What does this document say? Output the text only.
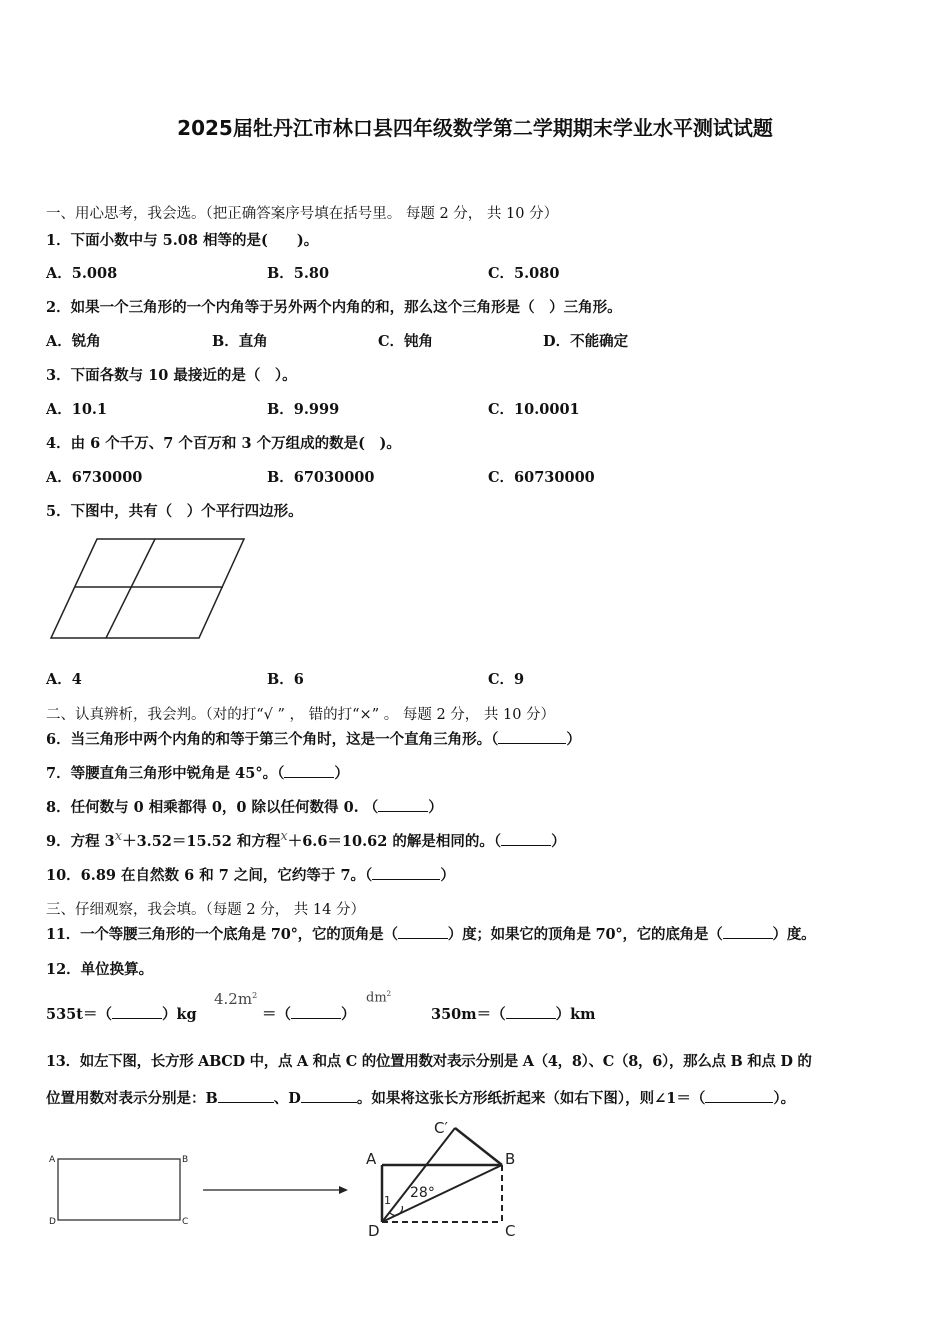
2025届牡丹江市林口县四年级数学第二学期期末学业水平测试试题
一、用心思考，我会选。（把正确答案序号填在括号里。 每题 2 分， 共 10 分）
1．下面小数中与 5.08 相等的是(　　)。
A．5.008	B．5.80	C．5.080
2．如果一个三角形的一个内角等于另外两个内角的和，那么这个三角形是（　）三角形。
A．锐角	B．直角	C．钝角	D．不能确定
3．下面各数与 10 最接近的是（　）。
A．10.1	B．9.999	C．10.0001
4．由 6 个千万、7 个百万和 3 个万组成的数是(　)。
A．6730000	B．67030000	C．60730000
5．下图中，共有（　）个平行四边形。
A．4	B．6	C．9
二、认真辨析，我会判。（对的打“√ ” ， 错的打“×” 。 每题 2 分， 共 10 分）
6．当三角形中两个内角的和等于第三个角时，这是一个直角三角形。（	）
7．等腰直角三角形中锐角是 45°。（	）
8．任何数与 0 相乘都得 0，0 除以任何数得 0. （	）
9．方程 3x＋3.52＝15.52 和方程x＋6.6＝10.62 的解是相同的。（	）
10．6.89 在自然数 6 和 7 之间，它约等于 7。（	）
三、仔细观察，我会填。（每题 2 分， 共 14 分）
11．一个等腰三角形的一个底角是 70°，它的顶角是（	）度；如果它的顶角是 70°，它的底角是（	）度。
12．单位换算。
535t＝（	）kg
$4.2m^2$
＝（	）
$dm^2$
350m＝（	）km
13．如左下图，长方形 ABCD 中，点 A 和点 C 的位置用数对表示分别是 A（4，8）、C（8，6），那么点 B 和点 D 的
位置用数对表示分别是：B	、D	。如果将这张长方形纸折起来（如右下图），则∠1＝（	）。
A	B
D	C
A	B
D	C
C′
28°
1
